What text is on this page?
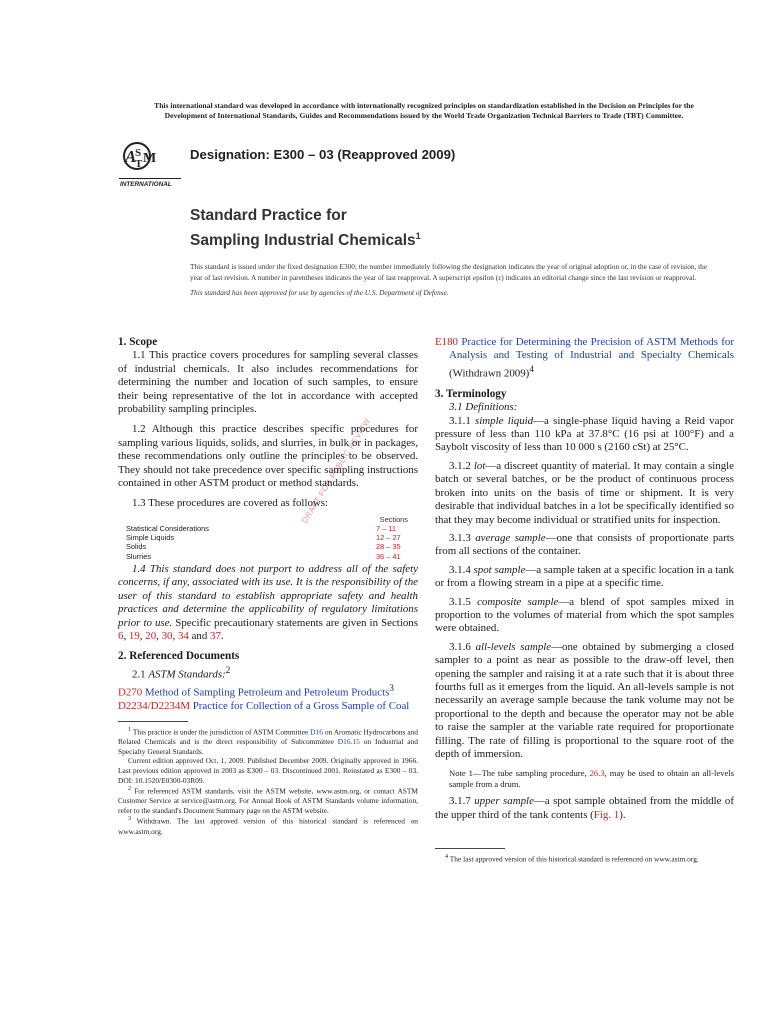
This international standard was developed in accordance with internationally recognized principles on standardization established in the Decision on Principles for the
Development of International Standards, Guides and Recommendations issued by the World Trade Organization Technical Barriers to Trade (TBT) Committee.
A
S
T M
INTERNATIONAL
Designation: E300 – 03 (Reapproved 2009)
Standard Practice for
Sampling Industrial Chemicals$^1$

This standard is issued under the fixed designation E300; the number immediately following the designation indicates the year of original adoption or, in the case of revision, the year of last revision. A number in parentheses indicates the year of last reapproval. A superscript epsilon (ε) indicates an editorial change since the last revision or reapproval.

This standard has been approved for use by agencies of the U.S. Department of Defense.

DRAFT FOR PUBLIC REVIEW

1. Scope

1.1 This practice covers procedures for sampling several classes of industrial chemicals. It also includes recommendations for determining the number and location of such samples, to ensure their being representative of the lot in accordance with accepted probability sampling principles.

1.2 Although this practice describes specific procedures for sampling various liquids, solids, and slurries, in bulk or in packages, these recommendations only outline the principles to be observed. They should not take precedence over specific sampling instructions contained in other ASTM product or method standards.

1.3 These procedures are covered as follows:

Sections
Statistical Considerations	7 – 11
Simple Liquids	12 – 27
Solids	28 – 35
Slurries	36 – 41

1.4 This standard does not purport to address all of the safety concerns, if any, associated with its use. It is the responsibility of the user of this standard to establish appropriate safety and health practices and determine the applicability of regulatory limitations prior to use. Specific precautionary statements are given in Sections 6, 19, 20, 30, 34 and 37.

2. Referenced Documents

2.1 ASTM Standards:$^2$

D270 Method of Sampling Petroleum and Petroleum Products$^3$

D2234/D2234M Practice for Collection of a Gross Sample of Coal

$^1$ This practice is under the jurisdiction of ASTM Committee D16 on Aromatic Hydrocarbons and Related Chemicals and is the direct responsibility of Subcommittee D16.15 on Industrial and Specialty General Standards.

Current edition approved Oct. 1, 2009. Published December 2009. Originally approved in 1966. Last previous edition approved in 2003 as E300 – 03. Discontinued 2001. Reinstated as E300 – 03. DOI: 10.1520/E0300-03R09.

$^2$ For referenced ASTM standards, visit the ASTM website, www.astm.org, or contact ASTM Customer Service at service@astm.org. For Annual Book of ASTM Standards volume information, refer to the standard's Document Summary page on the ASTM website.

$^3$ Withdrawn. The last approved version of this historical standard is referenced on www.astm.org.

E180 Practice for Determining the Precision of ASTM Methods for Analysis and Testing of Industrial and Specialty Chemicals (Withdrawn 2009)$^4$

3. Terminology

3.1 Definitions:

3.1.1 simple liquid—a single-phase liquid having a Reid vapor pressure of less than 110 kPa at 37.8°C (16 psi at 100°F) and a Saybolt viscosity of less than 10 000 s (2160 cSt) at 25°C.

3.1.2 lot—a discreet quantity of material. It may contain a single batch or several batches, or be the product of continuous process broken into units on the basis of time or shipment. It is very desirable that individual batches in a lot be specifically identified so that they may become individual or stratified units for inspection.

3.1.3 average sample—one that consists of proportionate parts from all sections of the container.

3.1.4 spot sample—a sample taken at a specific location in a tank or from a flowing stream in a pipe at a specific time.

3.1.5 composite sample—a blend of spot samples mixed in proportion to the volumes of material from which the spot samples were obtained.

3.1.6 all-levels sample—one obtained by submerging a closed sampler to a point as near as possible to the draw-off level, then opening the sampler and raising it at a rate such that it is about three fourths full as it emerges from the liquid. An all-levels sample is not necessarily an average sample because the tank volume may not be proportional to the depth and because the operator may not be able to raise the sampler at the variable rate required for proportionate filling. The rate of filling is proportional to the square root of the depth of immersion.

Note 1—The tube sampling procedure, 26.3, may be used to obtain an all-levels sample from a drum.

3.1.7 upper sample—a spot sample obtained from the middle of the upper third of the tank contents (Fig. 1).

$^4$ The last approved version of this historical standard is referenced on www.astm.org.
